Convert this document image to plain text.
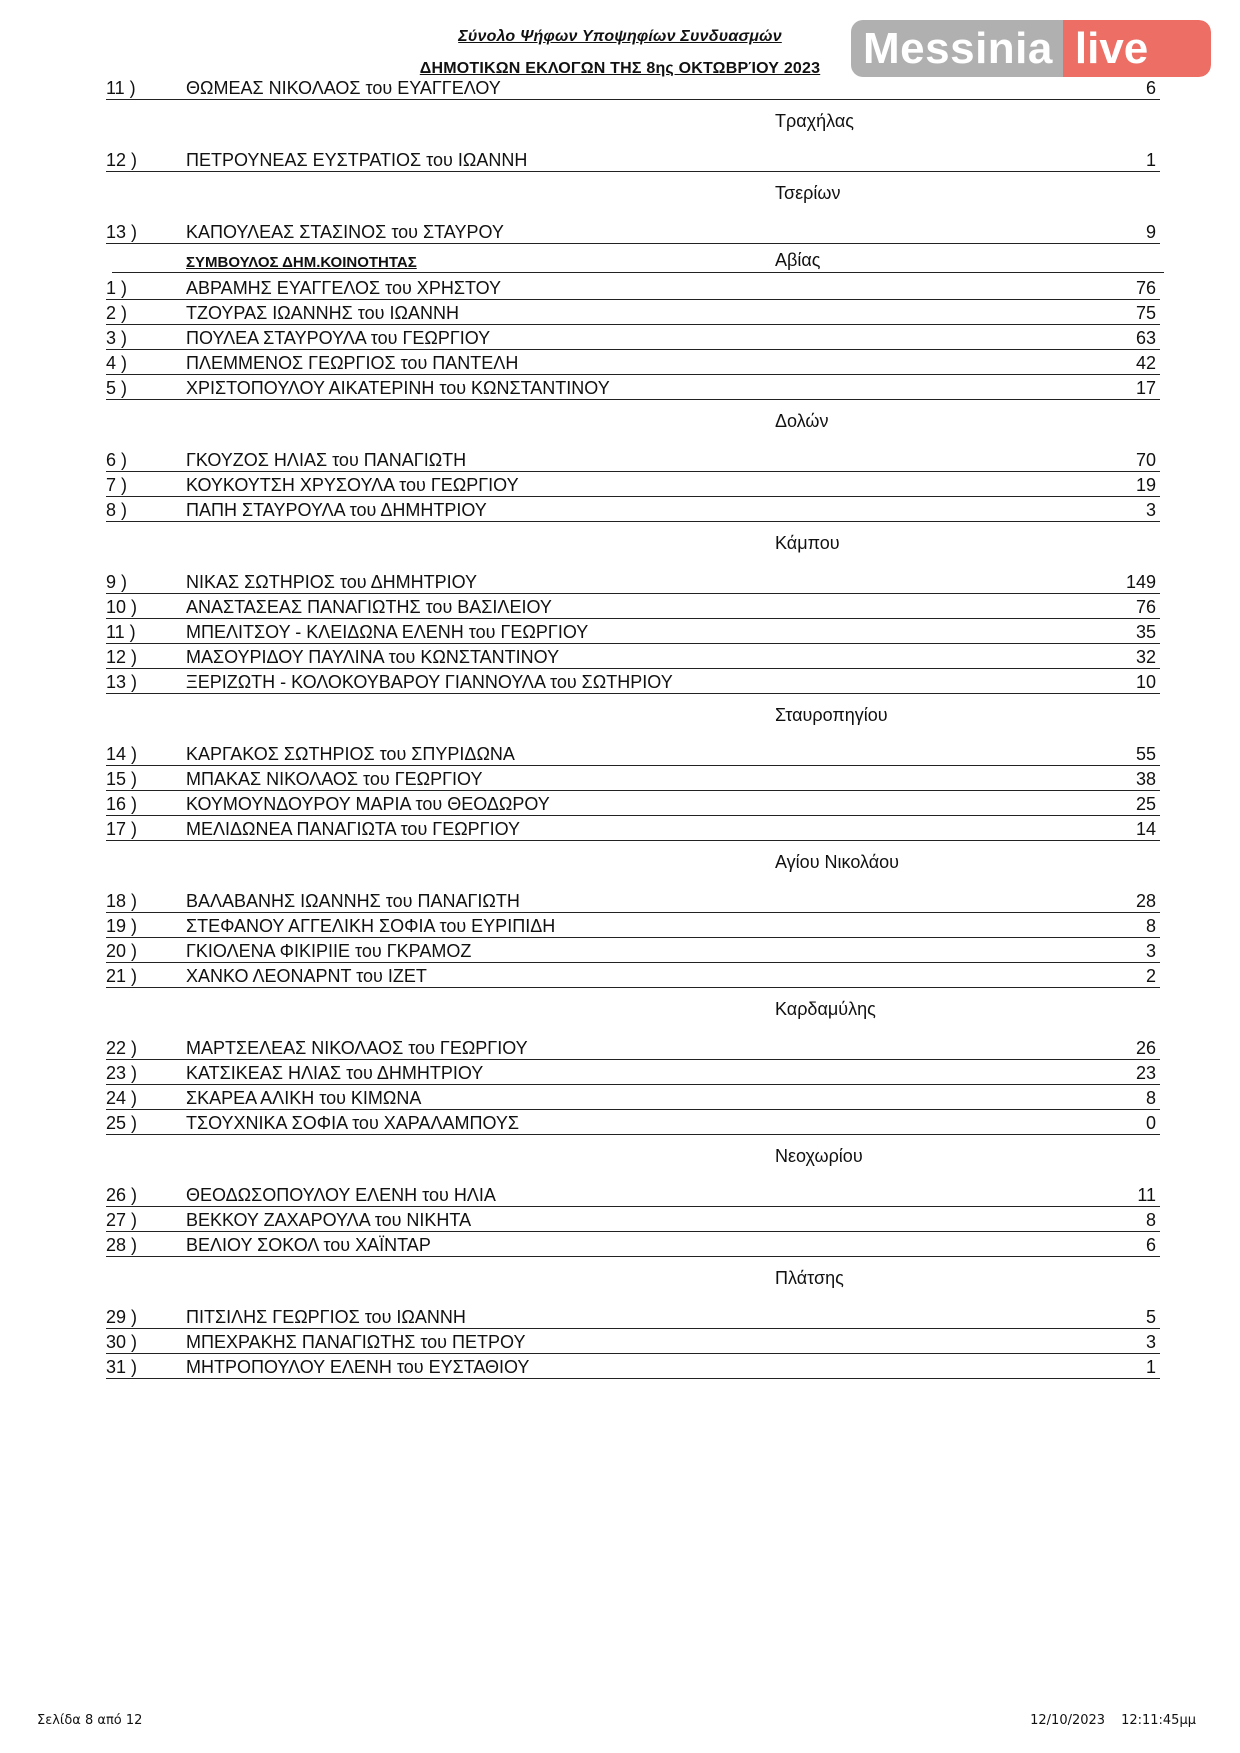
Σύνολο Ψήφων Υποψηφίων Συνδυασμών
ΔΗΜΟΤΙΚΩΝ ΕΚΛΟΓΩΝ ΤΗΣ 8ης ΟΚΤΩΒΡΊΟΥ 2023 Messinia live
11 )	ΘΩΜΕΑΣ ΝΙΚΟΛΑΟΣ του ΕΥΑΓΓΕΛΟΥ	6
Τραχήλας
12 )	ΠΕΤΡΟΥΝΕΑΣ ΕΥΣΤΡΑΤΙΟΣ του ΙΩΑΝΝΗ	1
Τσερίων
13 )	ΚΑΠΟΥΛΕΑΣ ΣΤΑΣΙΝΟΣ του ΣΤΑΥΡΟΥ	9
1 )	ΑΒΡΑΜΗΣ ΕΥΑΓΓΕΛΟΣ του ΧΡΗΣΤΟΥ	76
2 )	ΤΖΟΥΡΑΣ ΙΩΑΝΝΗΣ του ΙΩΑΝΝΗ	75
3 )	ΠΟΥΛΕΑ ΣΤΑΥΡΟΥΛΑ του ΓΕΩΡΓΙΟΥ	63
4 )	ΠΛΕΜΜΕΝΟΣ ΓΕΩΡΓΙΟΣ του ΠΑΝΤΕΛΗ	42
5 )	ΧΡΙΣΤΟΠΟΥΛΟΥ ΑΙΚΑΤΕΡΙΝΗ του ΚΩΝΣΤΑΝΤΙΝΟΥ	17
Δολών
6 )	ΓΚΟΥΖΟΣ ΗΛΙΑΣ του ΠΑΝΑΓΙΩΤΗ	70
7 )	ΚΟΥΚΟΥΤΣΗ ΧΡΥΣΟΥΛΑ του ΓΕΩΡΓΙΟΥ	19
8 )	ΠΑΠΗ ΣΤΑΥΡΟΥΛΑ του ΔΗΜΗΤΡΙΟΥ	3
Κάμπου
9 )	ΝΙΚΑΣ ΣΩΤΗΡΙΟΣ του ΔΗΜΗΤΡΙΟΥ	149
10 )	ΑΝΑΣΤΑΣΕΑΣ ΠΑΝΑΓΙΩΤΗΣ του ΒΑΣΙΛΕΙΟΥ	76
11 )	ΜΠΕΛΙΤΣΟΥ - ΚΛΕΙΔΩΝΑ ΕΛΕΝΗ του ΓΕΩΡΓΙΟΥ	35
12 )	ΜΑΣΟΥΡΙΔΟΥ ΠΑΥΛΙΝΑ του ΚΩΝΣΤΑΝΤΙΝΟΥ	32
13 )	ΞΕΡΙΖΩΤΗ - ΚΟΛΟΚΟΥΒΑΡΟΥ ΓΙΑΝΝΟΥΛΑ του ΣΩΤΗΡΙΟΥ	10
Σταυροπηγίου
14 )	ΚΑΡΓΑΚΟΣ ΣΩΤΗΡΙΟΣ του ΣΠΥΡΙΔΩΝΑ	55
15 )	ΜΠΑΚΑΣ ΝΙΚΟΛΑΟΣ του ΓΕΩΡΓΙΟΥ	38
16 )	ΚΟΥΜΟΥΝΔΟΥΡΟΥ ΜΑΡΙΑ του ΘΕΟΔΩΡΟΥ	25
17 )	ΜΕΛΙΔΩΝΕΑ ΠΑΝΑΓΙΩΤΑ του ΓΕΩΡΓΙΟΥ	14
Αγίου Νικολάου
18 )	ΒΑΛΑΒΑΝΗΣ ΙΩΑΝΝΗΣ του ΠΑΝΑΓΙΩΤΗ	28
19 )	ΣΤΕΦΑΝΟΥ ΑΓΓΕΛΙΚΗ ΣΟΦΙΑ του ΕΥΡΙΠΙΔΗ	8
20 )	ΓΚΙΟΛΕΝΑ ΦΙΚΙΡΙΙΕ του ΓΚΡΑΜΟΖ	3
21 )	ΧΑΝΚΟ ΛΕΟΝΑΡΝΤ του ΙΖΕΤ	2
Καρδαμύλης
22 )	ΜΑΡΤΣΕΛΕΑΣ ΝΙΚΟΛΑΟΣ του ΓΕΩΡΓΙΟΥ	26
23 )	ΚΑΤΣΙΚΕΑΣ ΗΛΙΑΣ του ΔΗΜΗΤΡΙΟΥ	23
24 )	ΣΚΑΡΕΑ ΑΛΙΚΗ του ΚΙΜΩΝΑ	8
25 )	ΤΣΟΥΧΝΙΚΑ ΣΟΦΙΑ του ΧΑΡΑΛΑΜΠΟΥΣ	0
Νεοχωρίου
26 )	ΘΕΟΔΩΣΟΠΟΥΛΟΥ ΕΛΕΝΗ του ΗΛΙΑ	11
27 )	ΒΕΚΚΟΥ ΖΑΧΑΡΟΥΛΑ του ΝΙΚΗΤΑ	8
28 )	ΒΕΛΙΟΥ ΣΟΚΟΛ του ΧΑΪΝΤΑΡ	6
Πλάτσης
29 )	ΠΙΤΣΙΛΗΣ ΓΕΩΡΓΙΟΣ του ΙΩΑΝΝΗ	5
30 )	ΜΠΕΧΡΑΚΗΣ ΠΑΝΑΓΙΩΤΗΣ του ΠΕΤΡΟΥ	3
31 )	ΜΗΤΡΟΠΟΥΛΟΥ ΕΛΕΝΗ του ΕΥΣΤΑΘΙΟΥ	1
ΣΥΜΒΟΥΛΟΣ ΔΗΜ.ΚΟΙΝΟΤΗΤΑΣ	Αβίας
Σελίδα 8 από 12	12/10/2023 12:11:45μμ
